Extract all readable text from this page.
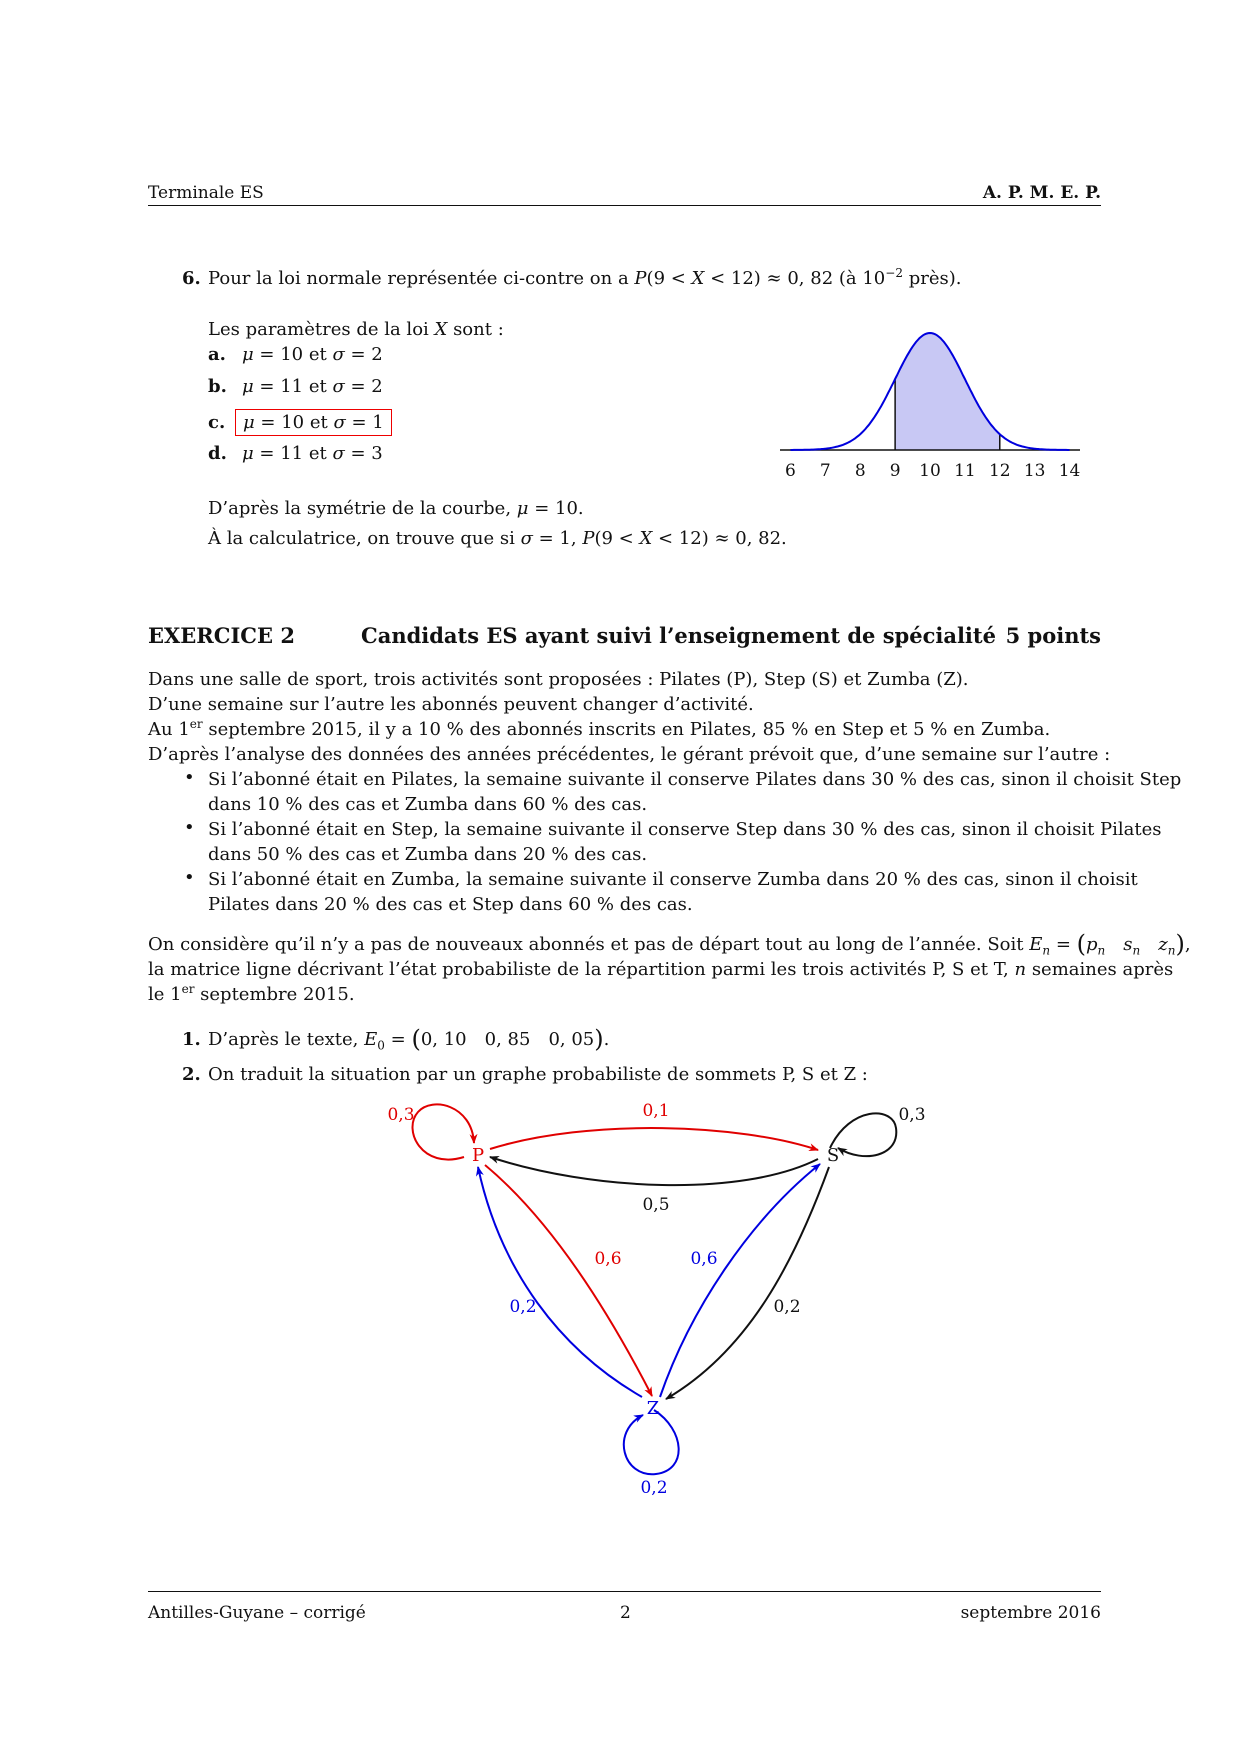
Terminale ES	A. P. M. E. P.
6. Pour la loi normale représentée ci-contre on a P(9 < X < 12) ≈ 0, 82 (à $10^{-2}$ près).
Les paramètres de la loi X sont :
a. μ = 10 et σ = 2
b. μ = 11 et σ = 2
c. μ = 10 et σ = 1
d. μ = 11 et σ = 3
D’après la symétrie de la courbe, μ = 10.
À la calculatrice, on trouve que si σ = 1, P(9 < X < 12) ≈ 0, 82.
6 7 8 9 10 11 12 13 14
EXERCICE 2	Candidats ES ayant suivi l’enseignement de spécialité 5 points
Dans une salle de sport, trois activités sont proposées : Pilates (P), Step (S) et Zumba (Z).
D’une semaine sur l’autre les abonnés peuvent changer d’activité.
Au 1er septembre 2015, il y a 10 % des abonnés inscrits en Pilates, 85 % en Step et 5 % en Zumba.
D’après l’analyse des données des années précédentes, le gérant prévoit que, d’une semaine sur l’autre :
• Si l’abonné était en Pilates, la semaine suivante il conserve Pilates dans 30 % des cas, sinon il choisit Step
dans 10 % des cas et Zumba dans 60 % des cas.
• Si l’abonné était en Step, la semaine suivante il conserve Step dans 30 % des cas, sinon il choisit Pilates
dans 50 % des cas et Zumba dans 20 % des cas.
• Si l’abonné était en Zumba, la semaine suivante il conserve Zumba dans 20 % des cas, sinon il choisit
Pilates dans 20 % des cas et Step dans 60 % des cas.
On considère qu’il n’y a pas de nouveaux abonnés et pas de départ tout au long de l’année. Soit $E_n = (p_n$ $s_n$ $z_n$),
la matrice ligne décrivant l’état probabiliste de la répartition parmi les trois activités P, S et T, n semaines après
le 1er septembre 2015.
1. D’après le texte, $E_0 = (0$, 10 0, 85 0, 05).
2. On traduit la situation par un graphe probabiliste de sommets P, S et Z :
P	S
Z
0,3	0,1	0,3
0,5
0,6	0,6
0,2	0,2
0,2
Antilles-Guyane – corrigé	2	septembre 2016
